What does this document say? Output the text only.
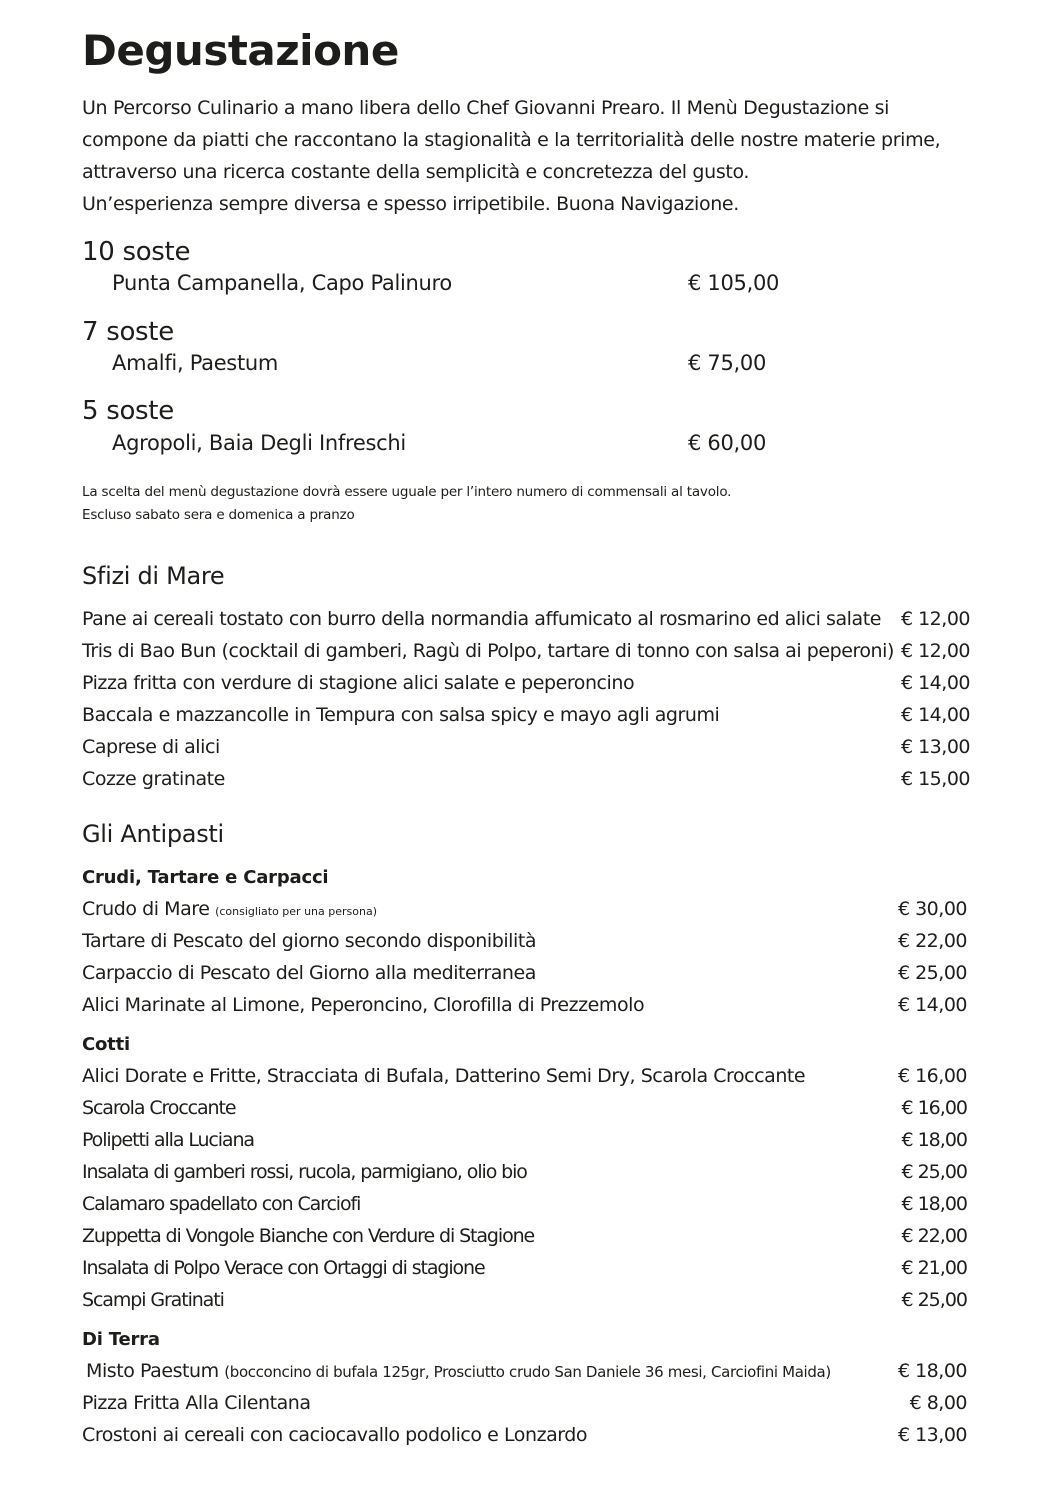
Degustazione

Un Percorso Culinario a mano libera dello Chef Giovanni Prearo. Il Menù Degustazione si

compone da piatti che raccontano la stagionalità e la territorialità delle nostre materie prime,

attraverso una ricerca costante della semplicità e concretezza del gusto.

Un’esperienza sempre diversa e spesso irripetibile. Buona Navigazione.

10 soste
Punta Campanella, Capo Palinuro	€ 105,00
7 soste
Amalfi, Paestum	€ 75,00
5 soste
Agropoli, Baia Degli Infreschi	€ 60,00
La scelta del menù degustazione dovrà essere uguale per l’intero numero di commensali al tavolo.
Escluso sabato sera e domenica a pranzo
Sfizi di Mare
Pane ai cereali tostato con burro della normandia affumicato al rosmarino ed alici salate € 12,00
Tris di Bao Bun (cocktail di gamberi, Ragù di Polpo, tartare di tonno con salsa ai peperoni) € 12,00
Pizza fritta con verdure di stagione alici salate e peperoncino	€ 14,00
Baccala e mazzancolle in Tempura con salsa spicy e mayo agli agrumi	€ 14,00
Caprese di alici	€ 13,00
Cozze gratinate	€ 15,00
Gli Antipasti
Crudi, Tartare e Carpacci
Crudo di Mare (consigliato per una persona)	€ 30,00
Tartare di Pescato del giorno secondo disponibilità	€ 22,00
Carpaccio di Pescato del Giorno alla mediterranea	€ 25,00
Alici Marinate al Limone, Peperoncino, Clorofilla di Prezzemolo	€ 14,00
Cotti
Alici Dorate e Fritte, Stracciata di Bufala, Datterino Semi Dry, Scarola Croccante	€ 16,00
Scarola Croccante	€ 16,00
Polipetti alla Luciana	€ 18,00
Insalata di gamberi rossi, rucola, parmigiano, olio bio	€ 25,00
Calamaro spadellato con Carciofi	€ 18,00
Zuppetta di Vongole Bianche con Verdure di Stagione	€ 22,00
Insalata di Polpo Verace con Ortaggi di stagione	€ 21,00
Scampi Gratinati	€ 25,00
Di Terra
Misto Paestum (bocconcino di bufala 125gr, Prosciutto crudo San Daniele 36 mesi, Carciofini Maida)	€ 18,00
Pizza Fritta Alla Cilentana	€ 8,00
Crostoni ai cereali con caciocavallo podolico e Lonzardo	€ 13,00
